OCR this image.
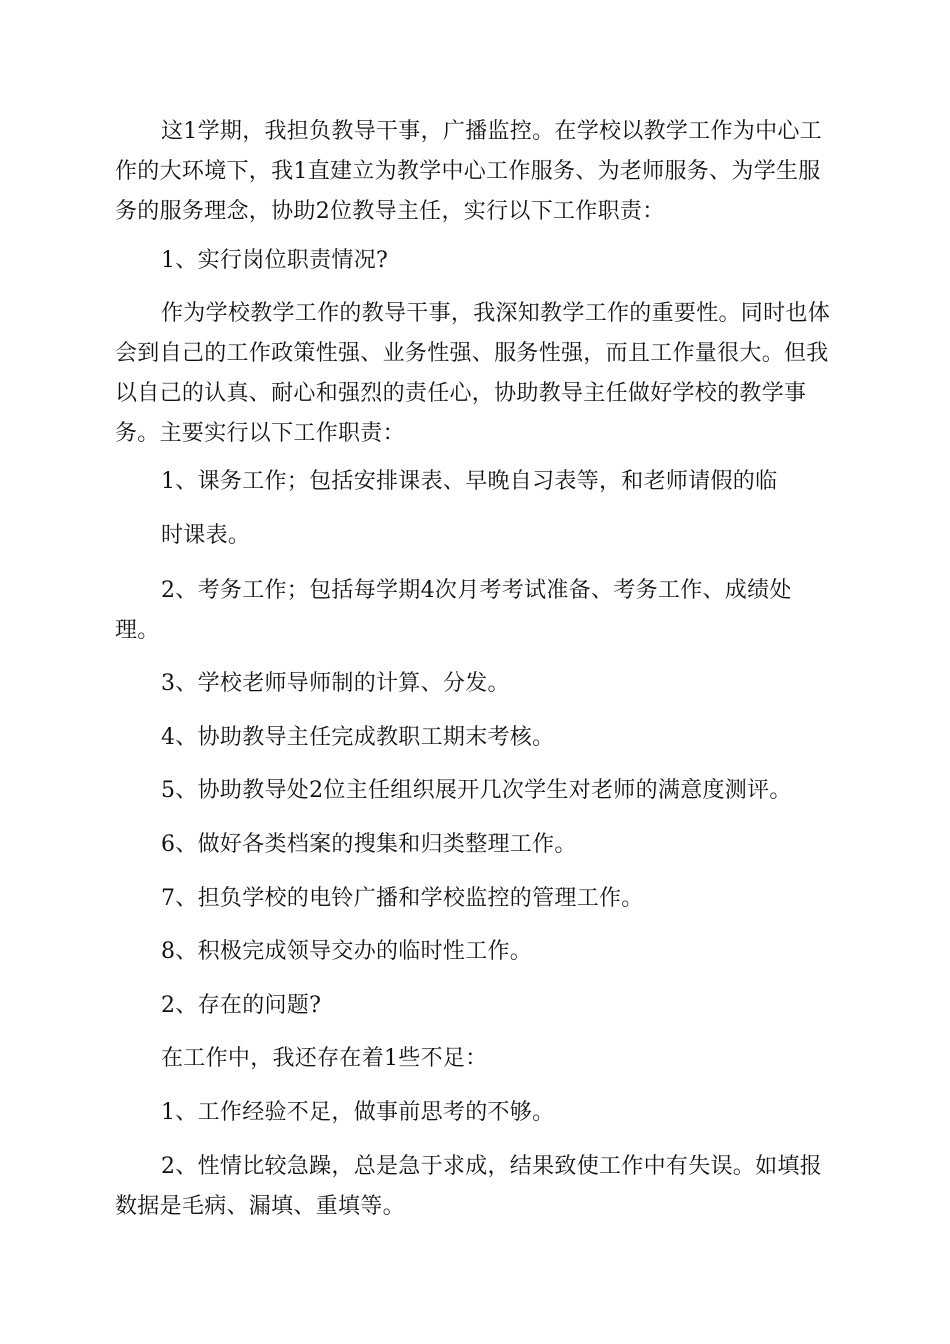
这1学期，我担负教导干事，广播监控。在学校以教学工作为中心工作的大环境下，我1直建立为教学中心工作服务、为老师服务、为学生服务的服务理念，协助2位教导主任，实行以下工作职责：

1、实行岗位职责情况?

作为学校教学工作的教导干事，我深知教学工作的重要性。同时也体会到自己的工作政策性强、业务性强、服务性强，而且工作量很大。但我以自己的认真、耐心和强烈的责任心，协助教导主任做好学校的教学事务。主要实行以下工作职责：

1、课务工作；包括安排课表、早晚自习表等，和老师请假的临

时课表。

2、考务工作；包括每学期4次月考考试准备、考务工作、成绩处理。

3、学校老师导师制的计算、分发。

4、协助教导主任完成教职工期末考核。

5、协助教导处2位主任组织展开几次学生对老师的满意度测评。

6、做好各类档案的搜集和归类整理工作。

7、担负学校的电铃广播和学校监控的管理工作。

8、积极完成领导交办的临时性工作。

2、存在的问题?

在工作中，我还存在着1些不足：

1、工作经验不足，做事前思考的不够。

2、性情比较急躁，总是急于求成，结果致使工作中有失误。如填报数据是毛病、漏填、重填等。
